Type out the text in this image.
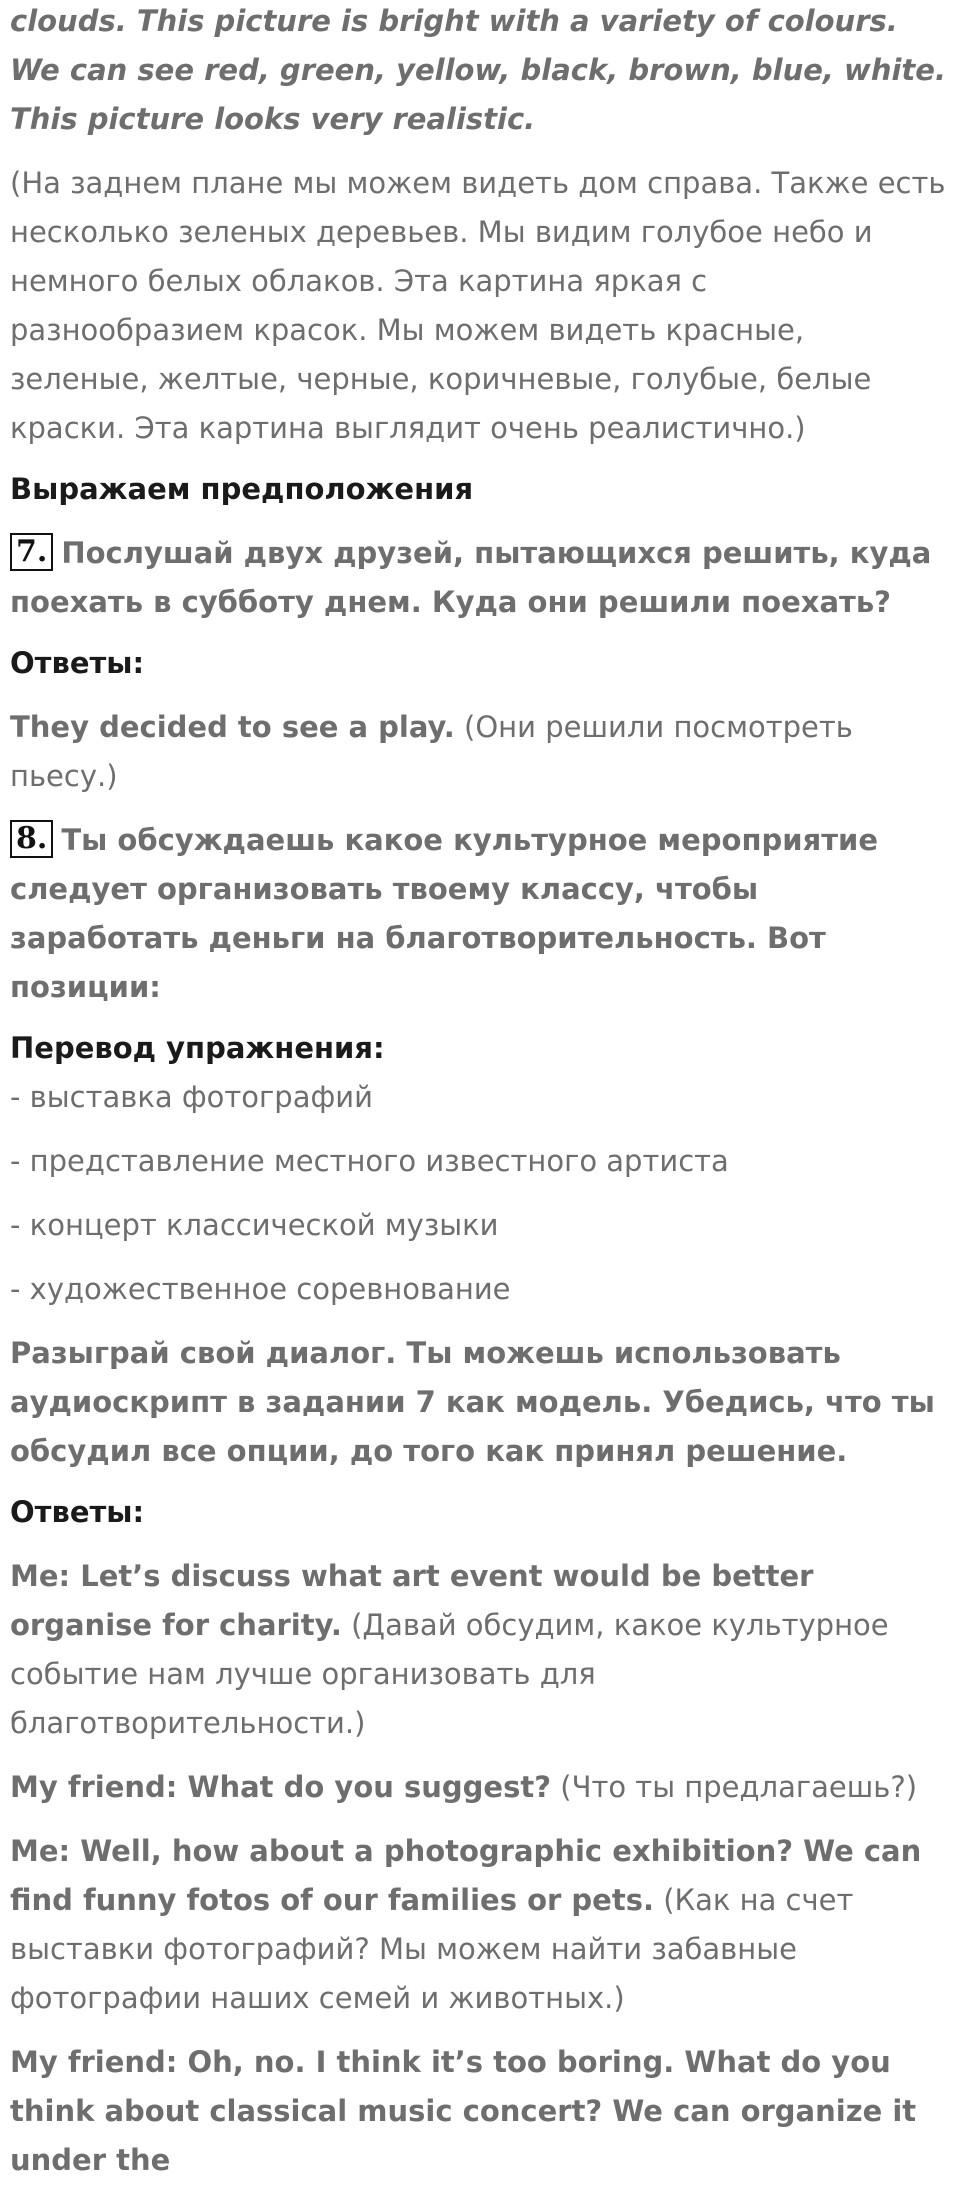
clouds. This picture is bright with a variety of colours. We can see red, green, yellow, black, brown, blue, white. This picture looks very realistic.

(На заднем плане мы можем видеть дом справа. Также есть несколько зеленых деревьев. Мы видим голубое небо и немного белых облаков. Эта картина яркая с разнообразием красок. Мы можем видеть красные, зеленые, желтые, черные, коричневые, голубые, белые краски. Эта картина выглядит очень реалистично.)

Выражаем предположения

7. Послушай двух друзей, пытающихся решить, куда поехать в субботу днем. Куда они решили поехать?

Ответы:

They decided to see a play. (Они решили посмотреть пьесу.)

8. Ты обсуждаешь какое культурное мероприятие следует организовать твоему классу, чтобы заработать деньги на благотворительность. Вот позиции:

Перевод упражнения:

- выставка фотографий

- представление местного известного артиста

- концерт классической музыки

- художественное соревнование

Разыграй свой диалог. Ты можешь использовать аудиоскрипт в задании 7 как модель. Убедись, что ты обсудил все опции, до того как принял решение.

Ответы:

Me: Let’s discuss what art event would be better organise for charity. (Давай обсудим, какое культурное событие нам лучше организовать для благотворительности.)

My friend: What do you suggest? (Что ты предлагаешь?)

Me: Well, how about a photographic exhibition? We can find funny fotos of our families or pets. (Как на счет выставки фотографий? Мы можем найти забавные фотографии наших семей и животных.)

My friend: Oh, no. I think it’s too boring. What do you think about classical music concert? We can organize it under the
